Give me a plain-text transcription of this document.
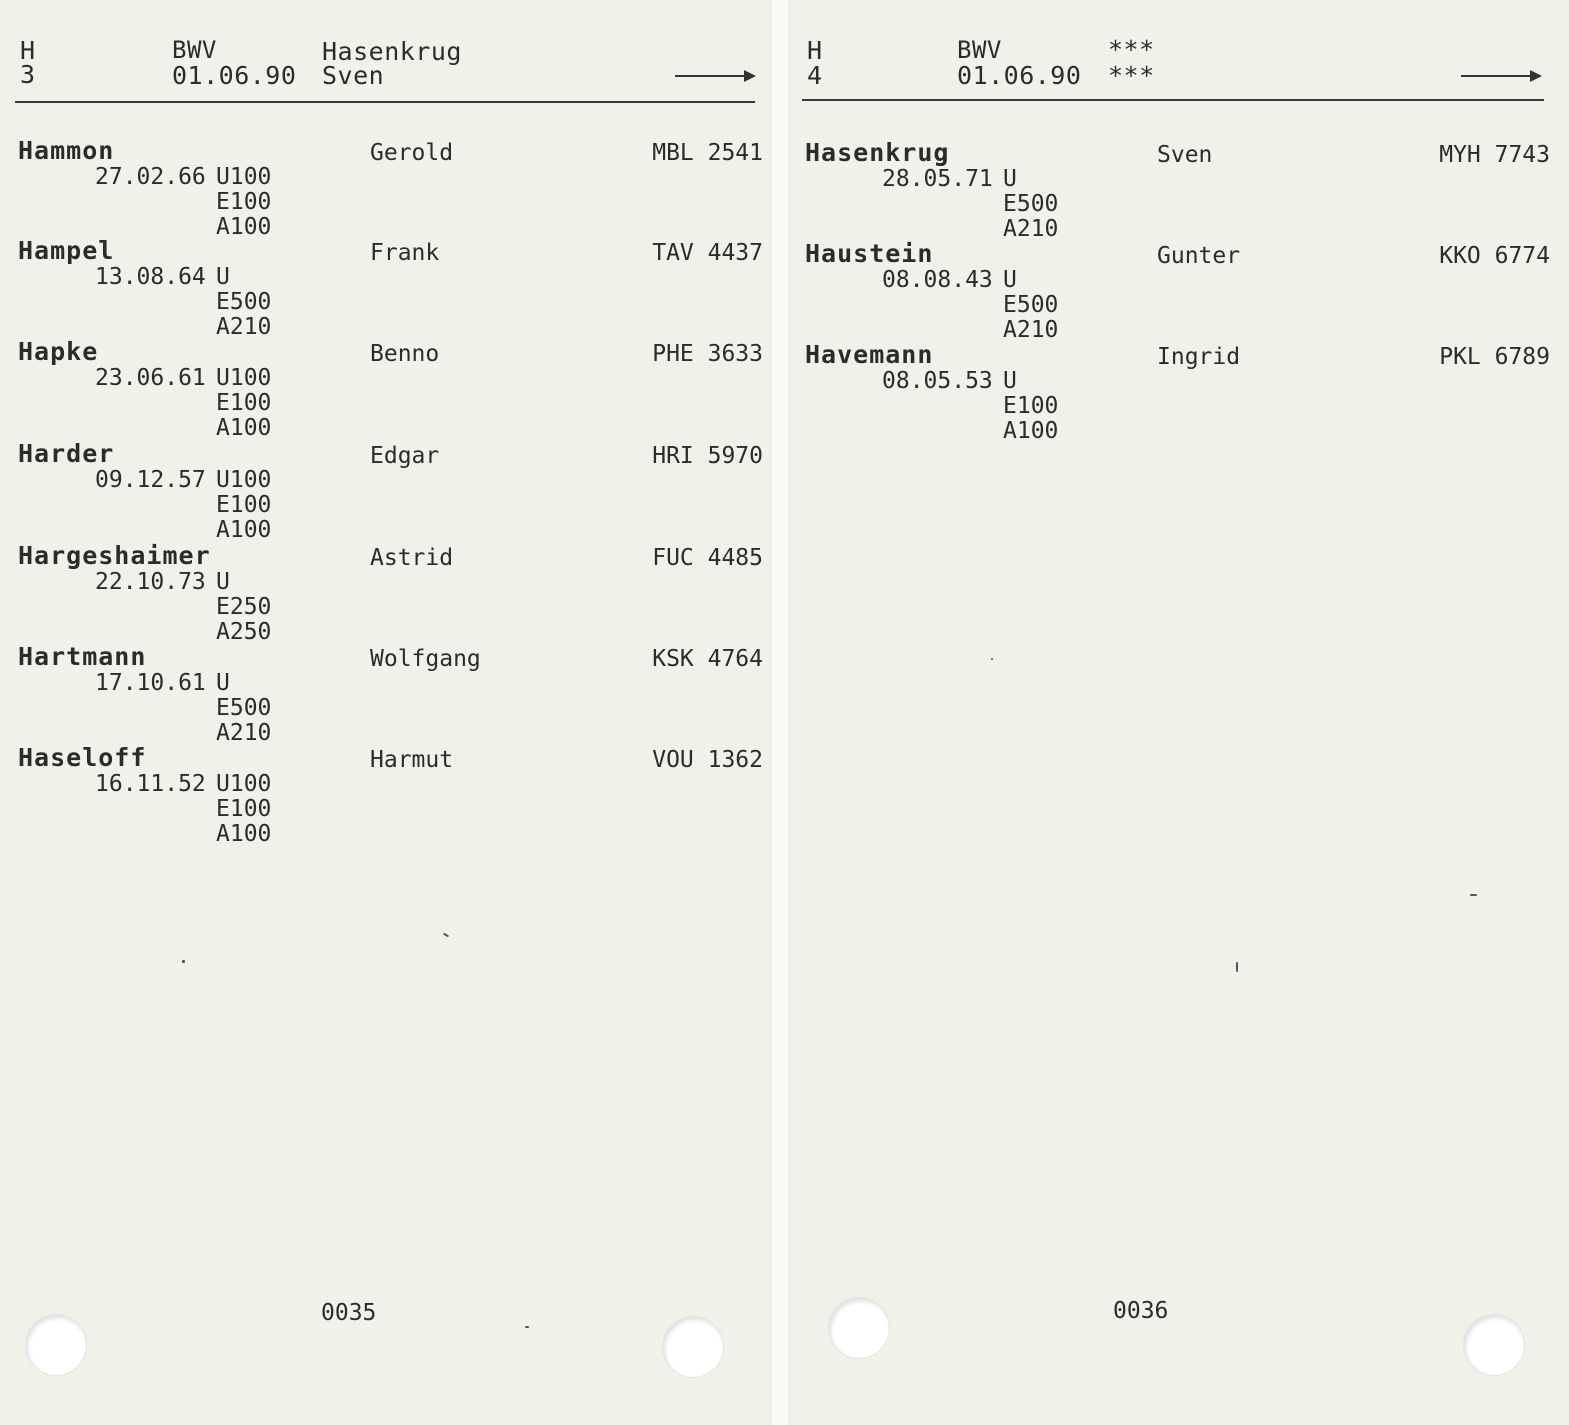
H
3
BWV
01.06.90
Hasenkrug
Sven
Hammon	Gerold	MBL 2541
27.02.66 U100
E100
A100
Hampel	Frank	TAV 4437
13.08.64 U
E500
A210
Hapke	Benno	PHE 3633
23.06.61 U100
E100
A100
Harder	Edgar	HRI 5970
09.12.57 U100
E100
A100
Hargeshaimer	Astrid	FUC 4485
22.10.73 U
E250
A250
Hartmann	Wolfgang	KSK 4764
17.10.61 U
E500
A210
Haseloff	Harmut	VOU 1362
16.11.52 U100
E100
A100
0035
H
4
BWV
01.06.90
***
***
Hasenkrug	Sven	MYH 7743
28.05.71 U
E500
A210
Haustein	Gunter	KKO 6774
08.08.43 U
E500
A210
Havemann	Ingrid	PKL 6789
08.05.53 U
E100
A100
0036
